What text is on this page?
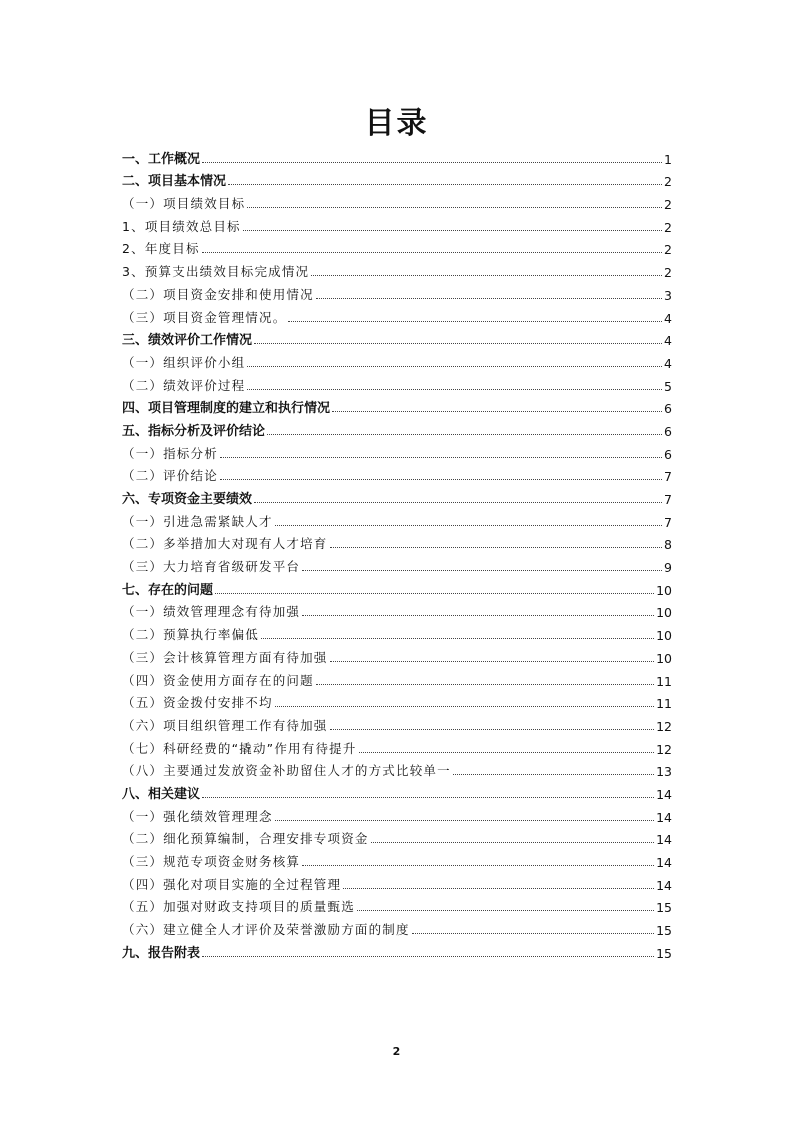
目录
一、工作概况	1
二、项目基本情况	2
（一）项目绩效目标	2
1、项目绩效总目标	2
2、年度目标	2
3、预算支出绩效目标完成情况	2
（二）项目资金安排和使用情况	3
（三）项目资金管理情况。	4
三、绩效评价工作情况	4
（一）组织评价小组	4
（二）绩效评价过程	5
四、项目管理制度的建立和执行情况	6
五、指标分析及评价结论	6
（一）指标分析	6
（二）评价结论	7
六、专项资金主要绩效	7
（一）引进急需紧缺人才	7
（二）多举措加大对现有人才培育	8
（三）大力培育省级研发平台	9
七、存在的问题	10
（一）绩效管理理念有待加强	10
（二）预算执行率偏低	10
（三）会计核算管理方面有待加强	10
（四）资金使用方面存在的问题	11
（五）资金拨付安排不均	11
（六）项目组织管理工作有待加强	12
（七）科研经费的“撬动”作用有待提升	12
（八）主要通过发放资金补助留住人才的方式比较单一	13
八、相关建议	14
（一）强化绩效管理理念	14
（二）细化预算编制，合理安排专项资金	14
（三）规范专项资金财务核算	14
（四）强化对项目实施的全过程管理	14
（五）加强对财政支持项目的质量甄选	15
（六）建立健全人才评价及荣誉激励方面的制度	15
九、报告附表	15
2
